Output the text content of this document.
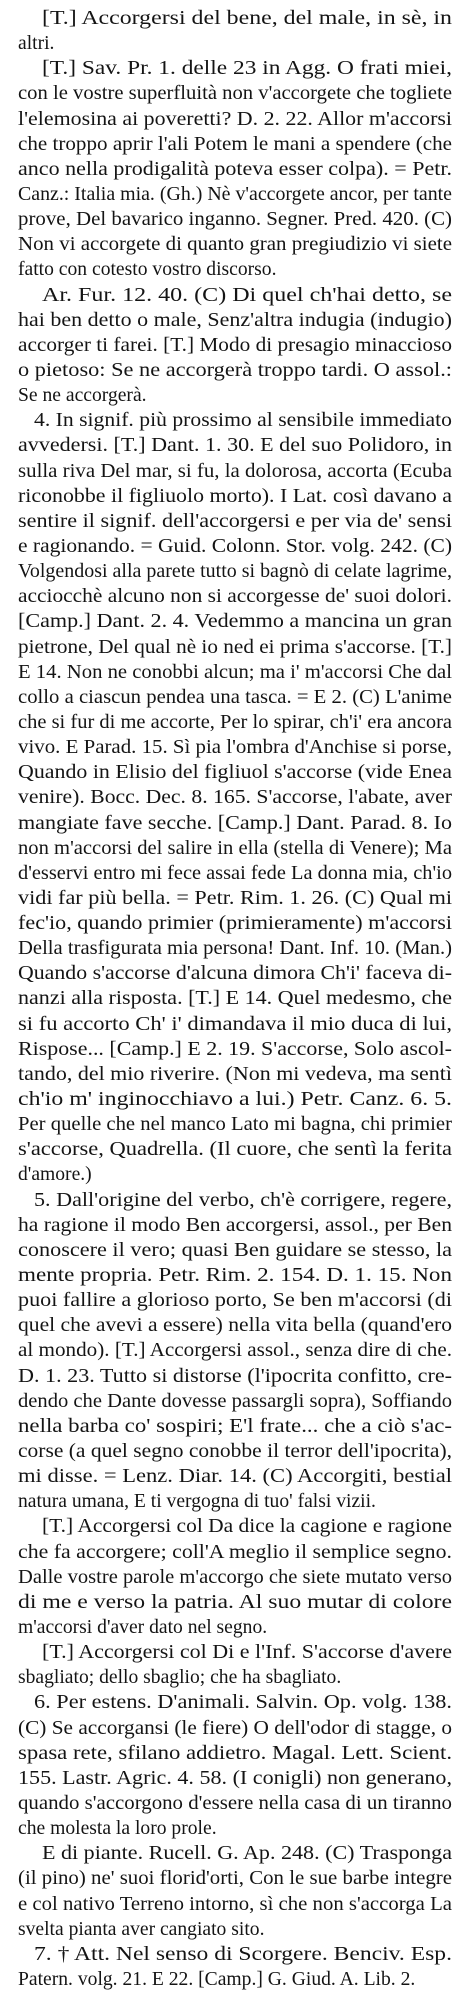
[T.] Accorgersi del bene, del male, in sè, in
altri.
[T.] Sav. Pr. 1. delle 23 in Agg. O frati miei,
con le vostre superfluità non v'accorgete che togliete
l'elemosina ai poveretti? D. 2. 22. Allor m'accorsi
che troppo aprir l'ali Potem le mani a spendere (che
anco nella prodigalità poteva esser colpa). = Petr.
Canz.: Italia mia. (Gh.) Nè v'accorgete ancor, per tante
prove, Del bavarico inganno. Segner. Pred. 420. (C)
Non vi accorgete di quanto gran pregiudizio vi siete
fatto con cotesto vostro discorso.
Ar. Fur. 12. 40. (C) Di quel ch'hai detto, se
hai ben detto o male, Senz'altra indugia (indugio)
accorger ti farei. [T.] Modo di presagio minaccioso
o pietoso: Se ne accorgerà troppo tardi. O assol.:
Se ne accorgerà.
4. In signif. più prossimo al sensibile immediato
avvedersi. [T.] Dant. 1. 30. E del suo Polidoro, in
sulla riva Del mar, si fu, la dolorosa, accorta (Ecuba
riconobbe il figliuolo morto). I Lat. così davano a
sentire il signif. dell'accorgersi e per via de' sensi
e ragionando. = Guid. Colonn. Stor. volg. 242. (C)
Volgendosi alla parete tutto si bagnò di celate lagrime,
acciocchè alcuno non si accorgesse de' suoi dolori.
[Camp.] Dant. 2. 4. Vedemmo a mancina un gran
pietrone, Del qual nè io ned ei prima s'accorse. [T.]
E 14. Non ne conobbi alcun; ma i' m'accorsi Che dal
collo a ciascun pendea una tasca. = E 2. (C) L'anime
che si fur di me accorte, Per lo spirar, ch'i' era ancora
vivo. E Parad. 15. Sì pia l'ombra d'Anchise si porse,
Quando in Elisio del figliuol s'accorse (vide Enea
venire). Bocc. Dec. 8. 165. S'accorse, l'abate, aver
mangiate fave secche. [Camp.] Dant. Parad. 8. Io
non m'accorsi del salire in ella (stella di Venere); Ma
d'esservi entro mi fece assai fede La donna mia, ch'io
vidi far più bella. = Petr. Rim. 1. 26. (C) Qual mi
fec'io, quando primier (primieramente) m'accorsi
Della trasfigurata mia persona! Dant. Inf. 10. (Man.)
Quando s'accorse d'alcuna dimora Ch'i' faceva di-
nanzi alla risposta. [T.] E 14. Quel medesmo, che
si fu accorto Ch' i' dimandava il mio duca di lui,
Rispose... [Camp.] E 2. 19. S'accorse, Solo ascol-
tando, del mio riverire. (Non mi vedeva, ma sentì
ch'io m' inginocchiavo a lui.) Petr. Canz. 6. 5.
Per quelle che nel manco Lato mi bagna, chi primier
s'accorse, Quadrella. (Il cuore, che sentì la ferita
d'amore.)
5. Dall'origine del verbo, ch'è corrigere, regere,
ha ragione il modo Ben accorgersi, assol., per Ben
conoscere il vero; quasi Ben guidare se stesso, la
mente propria. Petr. Rim. 2. 154. D. 1. 15. Non
puoi fallire a glorioso porto, Se ben m'accorsi (di
quel che avevi a essere) nella vita bella (quand'ero
al mondo). [T.] Accorgersi assol., senza dire di che.
D. 1. 23. Tutto si distorse (l'ipocrita confitto, cre-
dendo che Dante dovesse passargli sopra), Soffiando
nella barba co' sospiri; E'l frate... che a ciò s'ac-
corse (a quel segno conobbe il terror dell'ipocrita),
mi disse. = Lenz. Diar. 14. (C) Accorgiti, bestial
natura umana, E ti vergogna di tuo' falsi vizii.
[T.] Accorgersi col Da dice la cagione e ragione
che fa accorgere; coll'A meglio il semplice segno.
Dalle vostre parole m'accorgo che siete mutato verso
di me e verso la patria. Al suo mutar di colore
m'accorsi d'aver dato nel segno.
[T.] Accorgersi col Di e l'Inf. S'accorse d'avere
sbagliato; dello sbaglio; che ha sbagliato.
6. Per estens. D'animali. Salvin. Op. volg. 138.
(C) Se accorgansi (le fiere) O dell'odor di stagge, o
spasa rete, sfilano addietro. Magal. Lett. Scient.
155. Lastr. Agric. 4. 58. (I conigli) non generano,
quando s'accorgono d'essere nella casa di un tiranno
che molesta la loro prole.
E di piante. Rucell. G. Ap. 248. (C) Trasponga
(il pino) ne' suoi florid'orti, Con le sue barbe integre
e col nativo Terreno intorno, sì che non s'accorga La
svelta pianta aver cangiato sito.
7. † Att. Nel senso di Scorgere. Benciv. Esp.
Patern. volg. 21. E 22. [Camp.] G. Giud. A. Lib. 2.
